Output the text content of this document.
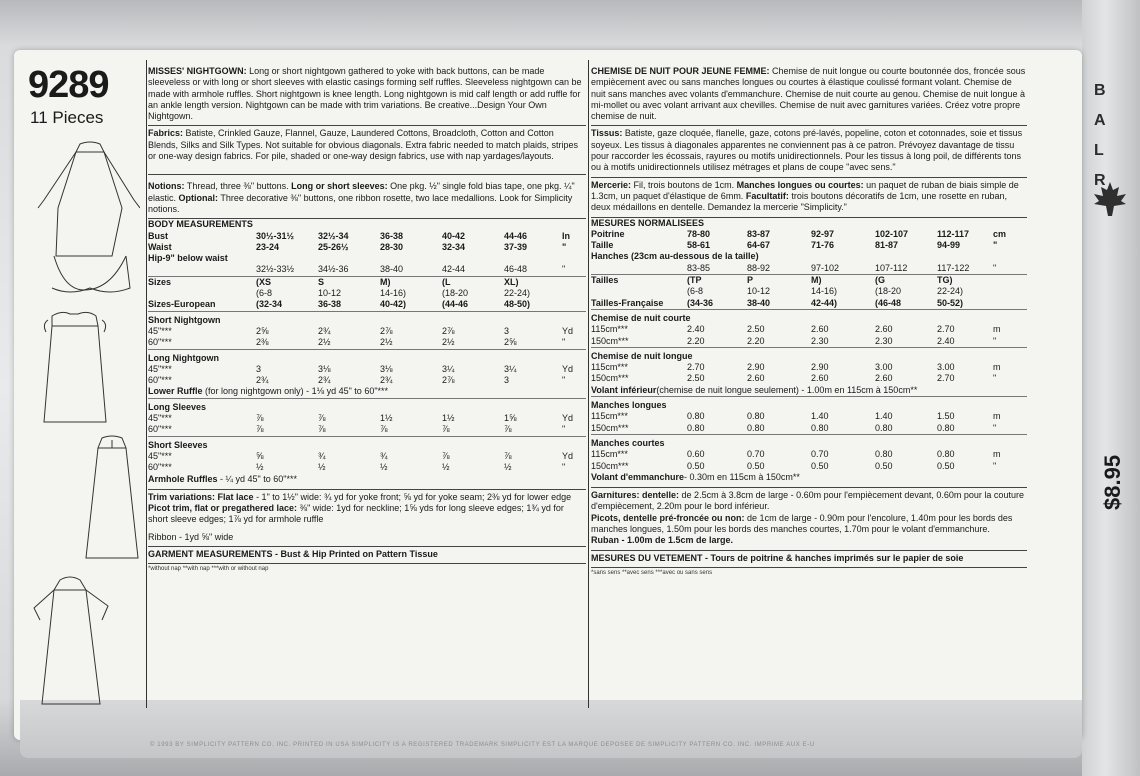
© 1993 BY SIMPLICITY PATTERN CO. INC. PRINTED IN USA SIMPLICITY IS A REGISTERED TRADEMARK SIMPLICITY EST LA MARQUE DEPOSEE DE SIMPLICITY PATTERN CO. INC. IMPRIME AUX E-U
9289
11 Pieces
MISSES' NIGHTGOWN: Long or short nightgown gathered to yoke with back buttons, can be made sleeveless or with long or short sleeves with elastic casings forming self ruffles. Sleeveless nightgown can be made with armhole ruffles. Short nightgown is knee length. Long nightgown is mid calf length or add ruffle for an ankle length version. Nightgown can be made with trim variations. Be creative...Design Your Own Nightgown.
Fabrics: Batiste, Crinkled Gauze, Flannel, Gauze, Laundered Cottons, Broadcloth, Cotton and Cotton Blends, Silks and Silk Types. Not suitable for obvious diagonals. Extra fabric needed to match plaids, stripes or one-way design fabrics. For pile, shaded or one-way design fabrics, use with nap yardages/layouts.
Notions: Thread, three ⅜" buttons. Long or short sleeves: One pkg. ½" single fold bias tape, one pkg. ¼" elastic. Optional: Three decorative ⅜" buttons, one ribbon rosette, two lace medallions. Look for Simplicity notions.
BODY MEASUREMENTS						
Bust	30½-31½	32½-34	36-38	40-42	44-46	In
Waist	23-24	25-26½	28-30	32-34	37-39	"
Hip-9" below waist						
	32½-33½	34½-36	38-40	42-44	46-48	"
Sizes	(XS	S	M)	(L	XL)	
	(6-8	10-12	14-16)	(18-20	22-24)	
Sizes-European	(32-34	36-38	40-42)	(44-46	48-50)	
Short Nightgown						
45"***	2⅝	2¾	2⅞	2⅞	3	Yd
60"***	2⅜	2½	2½	2½	2⅝	"
Long Nightgown						
45"***	3	3⅛	3⅛	3¼	3¼	Yd
60"***	2¾	2¾	2¾	2⅞	3	"
Lower Ruffle (for long nightgown only) - 1⅛ yd 45" to 60"***						
Long Sleeves						
45"***	⅞	⅞	1½	1½	1⅝	Yd
60"***	⅞	⅞	⅞	⅞	⅞	"
Short Sleeves						
45"***	⅝	¾	¾	⅞	⅞	Yd
60"***	½	½	½	½	½	"
Armhole Ruffles - ¼ yd 45" to 60"***						
Trim variations: Flat lace - 1" to 1½" wide: ¾ yd for yoke front; ⅝ yd for yoke seam; 2⅜ yd for lower edge
Picot trim, flat or pregathered lace: ⅜" wide: 1yd for neckline; 1⅝ yds for long sleeve edges; 1¾ yd for short sleeve edges; 1⅞ yd for armhole ruffle
Ribbon - 1yd ⅝" wide
GARMENT MEASUREMENTS - Bust & Hip Printed on Pattern Tissue
*without nap **with nap ***with or without nap
CHEMISE DE NUIT POUR JEUNE FEMME: Chemise de nuit longue ou courte boutonnée dos, froncée sous empiècement avec ou sans manches longues ou courtes à élastique coulissé formant volant. Chemise de nuit sans manches avec volants d'emmanchure. Chemise de nuit courte au genou. Chemise de nuit longue à mi-mollet ou avec volant arrivant aux chevilles. Chemise de nuit avec garnitures variées. Créez votre propre chemise de nuit.
Tissus: Batiste, gaze cloquée, flanelle, gaze, cotons pré-lavés, popeline, coton et cotonnades, soie et tissus soyeux. Les tissus à diagonales apparentes ne conviennent pas à ce patron. Prévoyez davantage de tissu pour raccorder les écossais, rayures ou motifs unidirectionnels. Pour les tissus à long poil, de différents tons ou à motifs unidirectionnels utilisez métrages et plans de coupe "avec sens."
Mercerie: Fil, trois boutons de 1cm. Manches longues ou courtes: un paquet de ruban de biais simple de 1.3cm, un paquet d'élastique de 6mm. Facultatif: trois boutons décoratifs de 1cm, une rosette en ruban, deux médaillons en dentelle. Demandez la mercerie "Simplicity."
MESURES NORMALISEES						
Poitrine	78-80	83-87	92-97	102-107	112-117	cm
Taille	58-61	64-67	71-76	81-87	94-99	"
Hanches (23cm au-dessous de la taille)						
	83-85	88-92	97-102	107-112	117-122	"
Tailles	(TP	P	M)	(G	TG)	
	(6-8	10-12	14-16)	(18-20	22-24)	
Tailles-Française	(34-36	38-40	42-44)	(46-48	50-52)	
Chemise de nuit courte						
115cm***	2.40	2.50	2.60	2.60	2.70	m
150cm***	2.20	2.20	2.30	2.30	2.40	"
Chemise de nuit longue						
115cm***	2.70	2.90	2.90	3.00	3.00	m
150cm***	2.50	2.60	2.60	2.60	2.70	"
Volant inférieur(chemise de nuit longue seulement) - 1.00m en 115cm à 150cm**						
Manches longues						
115cm***	0.80	0.80	1.40	1.40	1.50	m
150cm***	0.80	0.80	0.80	0.80	0.80	"
Manches courtes						
115cm***	0.60	0.70	0.70	0.80	0.80	m
150cm***	0.50	0.50	0.50	0.50	0.50	"
Volant d'emmanchure- 0.30m en 115cm à 150cm**						
Garnitures: dentelle: de 2.5cm à 3.8cm de large - 0.60m pour l'empiècement devant, 0.60m pour la couture d'empiècement, 2.20m pour le bord inférieur.
Picots, dentelle pré-froncée ou non: de 1cm de large - 0.90m pour l'encolure, 1.40m pour les bords des manches longues, 1.50m pour les bords des manches courtes, 1.70m pour le volant d'emmanchure.
Ruban - 1.00m de 1.5cm de large.
MESURES DU VETEMENT - Tours de poitrine & hanches imprimés sur le papier de soie
*sans sens **avec sens ***avec ou sans sens
B
A
L
R
$8.95
